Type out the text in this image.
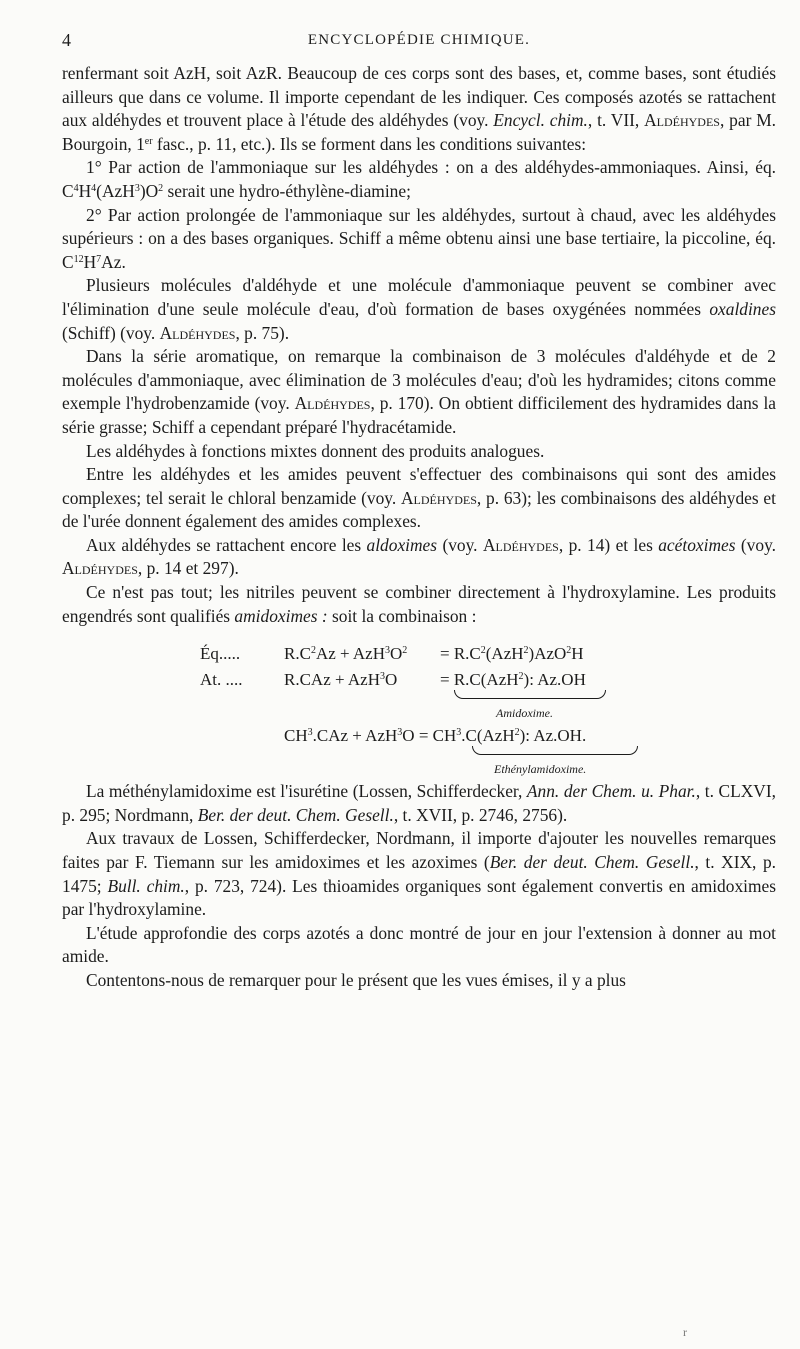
4	ENCYCLOPÉDIE CHIMIQUE.

renfermant soit AzH, soit AzR. Beaucoup de ces corps sont des bases, et, comme bases, sont étudiés ailleurs que dans ce volume. Il importe cependant de les indiquer. Ces composés azotés se rattachent aux aldéhydes et trouvent place à l'étude des aldéhydes (voy. Encycl. chim., t. VII, Aldéhydes, par M. Bourgoin, 1er fasc., p. 11, etc.). Ils se forment dans les conditions suivantes:

1° Par action de l'ammoniaque sur les aldéhydes : on a des aldéhydes-ammoniaques. Ainsi, éq. $C^4H^4(AzH^3)O^2$ serait une hydro-éthylène-diamine;

2° Par action prolongée de l'ammoniaque sur les aldéhydes, surtout à chaud, avec les aldéhydes supérieurs : on a des bases organiques. Schiff a même obtenu ainsi une base tertiaire, la piccoline, éq. $C^{12}H^7Az$.

Plusieurs molécules d'aldéhyde et une molécule d'ammoniaque peuvent se combiner avec l'élimination d'une seule molécule d'eau, d'où formation de bases oxygénées nommées oxaldines (Schiff) (voy. Aldéhydes, p. 75).

Dans la série aromatique, on remarque la combinaison de 3 molécules d'aldéhyde et de 2 molécules d'ammoniaque, avec élimination de 3 molécules d'eau; d'où les hydramides; citons comme exemple l'hydrobenzamide (voy. Aldéhydes, p. 170). On obtient difficilement des hydramides dans la série grasse; Schiff a cependant préparé l'hydracétamide.

Les aldéhydes à fonctions mixtes donnent des produits analogues.

Entre les aldéhydes et les amides peuvent s'effectuer des combinaisons qui sont des amides complexes; tel serait le chloral benzamide (voy. Aldéhydes, p. 63); les combinaisons des aldéhydes et de l'urée donnent également des amides complexes.

Aux aldéhydes se rattachent encore les aldoximes (voy. Aldéhydes, p. 14) et les acétoximes (voy. Aldéhydes, p. 14 et 297).

Ce n'est pas tout; les nitriles peuvent se combiner directement à l'hydroxylamine. Les produits engendrés sont qualifiés amidoximes : soit la combinaison :

Éq.....	$R.C^2Az + AzH^3O^2 = R.C^2(AzH^2)AzO^2H$
At. .... R.CAz + AzH$^3$O	= R.C(AzH$^2$): Az.OH
Amidoxime.
$CH^3.CAz + AzH^3O = CH^3.C(AzH^2)$: Az.OH.
Ethénylamidoxime.

La méthénylamidoxime est l'isurétine (Lossen, Schifferdecker, Ann. der Chem. u. Phar., t. CLXVI, p. 295; Nordmann, Ber. der deut. Chem. Gesell., t. XVII, p. 2746, 2756).

Aux travaux de Lossen, Schifferdecker, Nordmann, il importe d'ajouter les nouvelles remarques faites par F. Tiemann sur les amidoximes et les azoximes (Ber. der deut. Chem. Gesell., t. XIX, p. 1475; Bull. chim., p. 723, 724). Les thioamides organiques sont également convertis en amidoximes par l'hydroxylamine.

L'étude approfondie des corps azotés a donc montré de jour en jour l'extension à donner au mot amide.

Contentons-nous de remarquer pour le présent que les vues émises, il y a plus

r
